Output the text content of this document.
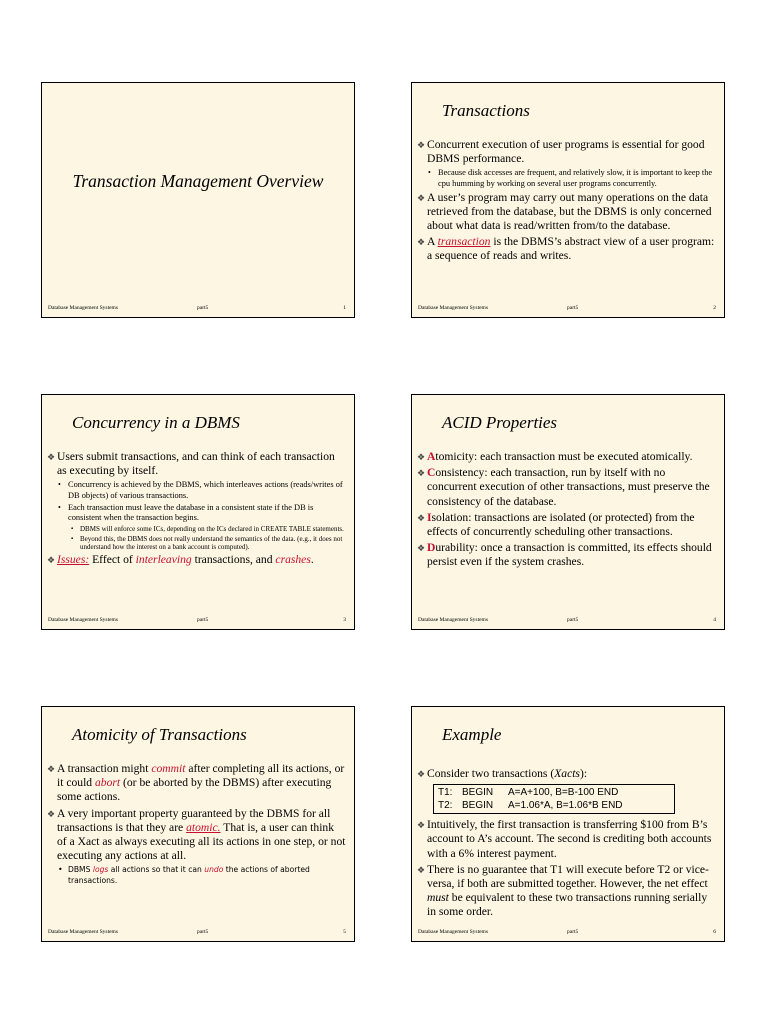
Transaction Management Overview
Database Management Systems	part5	1
Transactions
❖ Concurrent execution of user programs is essential for good DBMS performance.
• Because disk accesses are frequent, and relatively slow, it is important to keep the cpu humming by working on several user programs concurrently.
❖ A user’s program may carry out many operations on the data retrieved from the database, but the DBMS is only concerned about what data is read/written from/to the database.
❖ A transaction is the DBMS’s abstract view of a user program: a sequence of reads and writes.
Database Management Systems	part5	2
Concurrency in a DBMS
❖ Users submit transactions, and can think of each transaction as executing by itself.
• Concurrency is achieved by the DBMS, which interleaves actions (reads/writes of DB objects) of various transactions.
• Each transaction must leave the database in a consistent state if the DB is consistent when the transaction begins.
▪ DBMS will enforce some ICs, depending on the ICs declared in CREATE TABLE statements.
▪ Beyond this, the DBMS does not really understand the semantics of the data. (e.g., it does not understand how the interest on a bank account is computed).
❖ Issues: Effect of interleaving transactions, and crashes.
Database Management Systems	part5	3
ACID Properties
❖ Atomicity: each transaction must be executed atomically.
❖ Consistency: each transaction, run by itself with no concurrent execution of other transactions, must preserve the consistency of the database.
❖ Isolation: transactions are isolated (or protected) from the effects of concurrently scheduling other transactions.
❖ Durability: once a transaction is committed, its effects should persist even if the system crashes.
Database Management Systems	part5	4
Atomicity of Transactions
❖ A transaction might commit after completing all its actions, or it could abort (or be aborted by the DBMS) after executing some actions.
❖ A very important property guaranteed by the DBMS for all transactions is that they are atomic. That is, a user can think of a Xact as always executing all its actions in one step, or not executing any actions at all.
• DBMS logs all actions so that it can undo the actions of aborted transactions.
Database Management Systems	part5	5
Example
❖ Consider two transactions (Xacts):
T1: BEGIN A=A+100, B=B-100 END
T2: BEGIN A=1.06*A, B=1.06*B END
❖ Intuitively, the first transaction is transferring $100 from B’s account to A’s account. The second is crediting both accounts with a 6% interest payment.
❖ There is no guarantee that T1 will execute before T2 or vice-versa, if both are submitted together. However, the net effect must be equivalent to these two transactions running serially in some order.
Database Management Systems	part5	6
